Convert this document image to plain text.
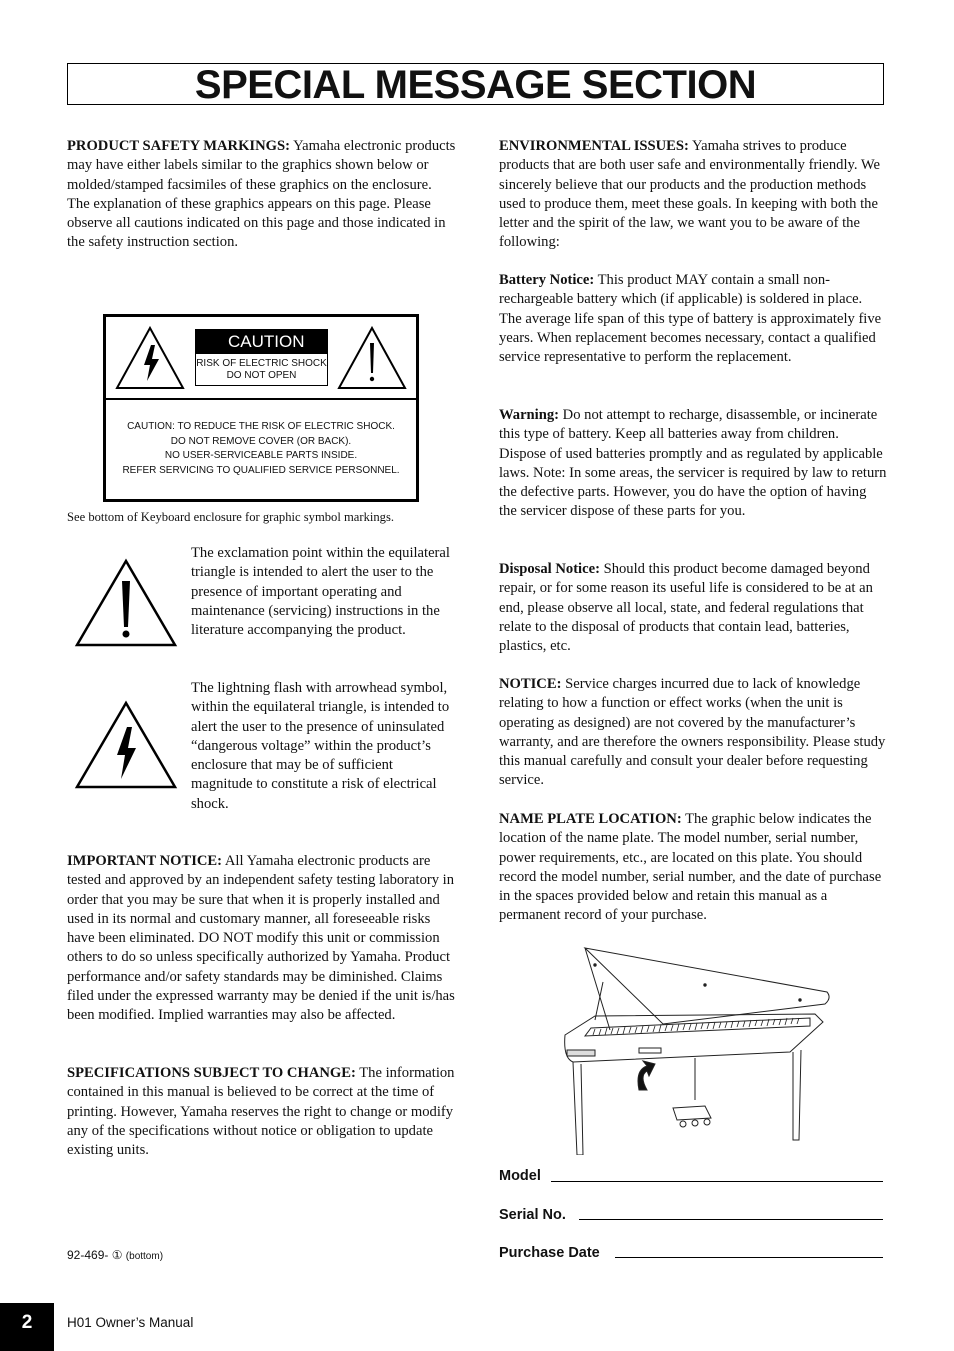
SPECIAL MESSAGE SECTION

PRODUCT SAFETY MARKINGS: Yamaha electronic products may have either labels similar to the graphics shown below or molded/stamped facsimiles of these graphics on the enclosure. The explanation of these graphics appears on this page. Please observe all cautions indicated on this page and those indicated in the safety instruction section.

CAUTION
RISK OF ELECTRIC SHOCK
DO NOT OPEN
CAUTION: TO REDUCE THE RISK OF ELECTRIC SHOCK.
DO NOT REMOVE COVER (OR BACK).
NO USER-SERVICEABLE PARTS INSIDE.
REFER SERVICING TO QUALIFIED SERVICE PERSONNEL.
See bottom of Keyboard enclosure for graphic symbol markings.

The exclamation point within the equilateral triangle is intended to alert the user to the presence of important operating and maintenance (servicing) instructions in the literature accompanying the product.

The lightning flash with arrowhead symbol, within the equilateral triangle, is intended to alert the user to the presence of uninsulated “dangerous voltage” within the product’s enclosure that may be of sufficient magnitude to constitute a risk of electrical shock.

IMPORTANT NOTICE: All Yamaha electronic products are tested and approved by an independent safety testing laboratory in order that you may be sure that when it is properly installed and used in its normal and customary manner, all foreseeable risks have been eliminated. DO NOT modify this unit or commission others to do so unless specifically authorized by Yamaha. Product performance and/or safety standards may be diminished. Claims filed under the expressed warranty may be denied if the unit is/has been modified. Implied warranties may also be affected.

SPECIFICATIONS SUBJECT TO CHANGE: The information contained in this manual is believed to be correct at the time of printing. However, Yamaha reserves the right to change or modify any of the specifications without notice or obligation to update existing units.

92-469- ① (bottom)

ENVIRONMENTAL ISSUES: Yamaha strives to produce products that are both user safe and environmentally friendly. We sincerely believe that our products and the production methods used to produce them, meet these goals. In keeping with both the letter and the spirit of the law, we want you to be aware of the following:

Battery Notice: This product MAY contain a small non-rechargeable battery which (if applicable) is soldered in place. The average life span of this type of battery is approximately five years. When replacement becomes necessary, contact a qualified service representative to perform the replacement.

Warning: Do not attempt to recharge, disassemble, or incinerate this type of battery. Keep all batteries away from children. Dispose of used batteries promptly and as regulated by applicable laws. Note: In some areas, the servicer is required by law to return the defective parts. However, you do have the option of having the servicer dispose of these parts for you.

Disposal Notice: Should this product become damaged beyond repair, or for some reason its useful life is considered to be at an end, please observe all local, state, and federal regulations that relate to the disposal of products that contain lead, batteries, plastics, etc.

NOTICE: Service charges incurred due to lack of knowledge relating to how a function or effect works (when the unit is operating as designed) are not covered by the manufacturer’s warranty, and are therefore the owners responsibility. Please study this manual carefully and consult your dealer before requesting service.

NAME PLATE LOCATION: The graphic below indicates the location of the name plate. The model number, serial number, power requirements, etc., are located on this plate. You should record the model number, serial number, and the date of purchase in the spaces provided below and retain this manual as a permanent record of your purchase.

Model
Serial No.
Purchase Date
2	H01 Owner’s Manual
